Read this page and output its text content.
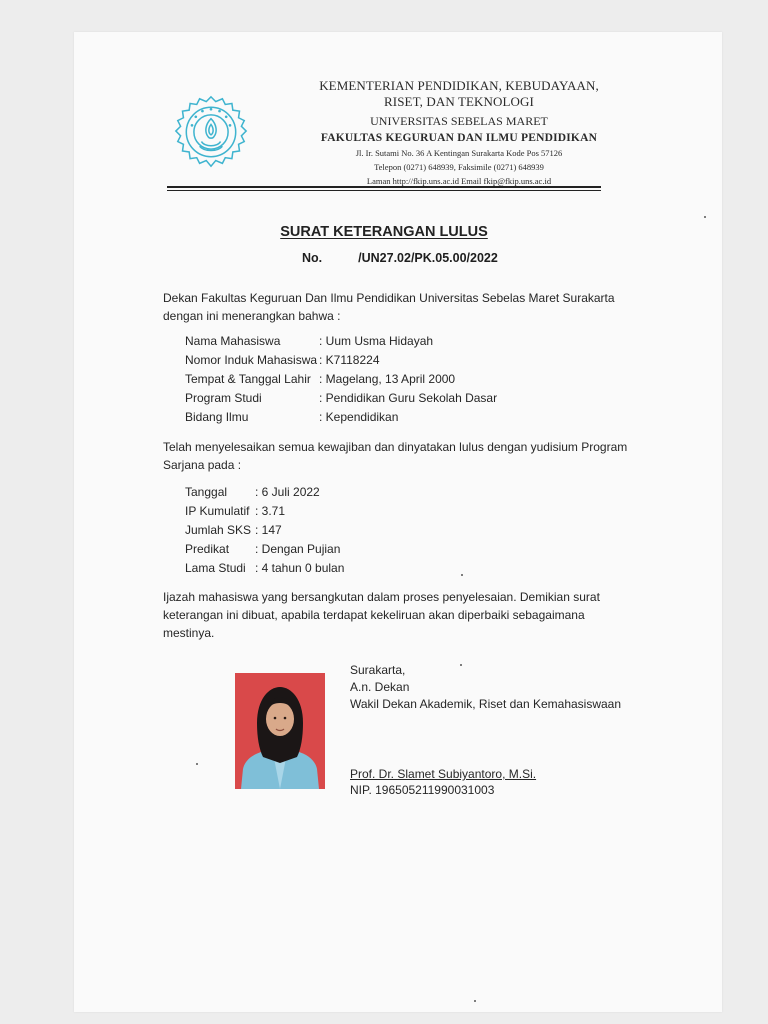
KEMENTERIAN PENDIDIKAN, KEBUDAYAAN,
RISET, DAN TEKNOLOGI
UNIVERSITAS SEBELAS MARET
FAKULTAS KEGURUAN DAN ILMU PENDIDIKAN
Jl. Ir. Sutami No. 36 A Kentingan Surakarta Kode Pos 57126
Telepon (0271) 648939, Faksimile (0271) 648939
Laman http://fkip.uns.ac.id Email fkip@fkip.uns.ac.id
SURAT KETERANGAN LULUS
No.	/UN27.02/PK.05.00/2022
Dekan Fakultas Keguruan Dan Ilmu Pendidikan Universitas Sebelas Maret Surakarta dengan ini menerangkan bahwa :
Nama Mahasiswa	: Uum Usma Hidayah
Nomor Induk Mahasiswa : K7118224
Tempat & Tanggal Lahir : Magelang, 13 April 2000
Program Studi	: Pendidikan Guru Sekolah Dasar
Bidang Ilmu	: Kependidikan
Telah menyelesaikan semua kewajiban dan dinyatakan lulus dengan yudisium Program Sarjana pada :
Tanggal	: 6 Juli 2022
IP Kumulatif : 3.71
Jumlah SKS : 147
Predikat	: Dengan Pujian
Lama Studi : 4 tahun 0 bulan
Ijazah mahasiswa yang bersangkutan dalam proses penyelesaian. Demikian surat keterangan ini dibuat, apabila terdapat kekeliruan akan diperbaiki sebagaimana mestinya.
Surakarta,
A.n. Dekan
Wakil Dekan Akademik, Riset dan Kemahasiswaan
Prof. Dr. Slamet Subiyantoro, M.Si.
NIP. 196505211990031003
